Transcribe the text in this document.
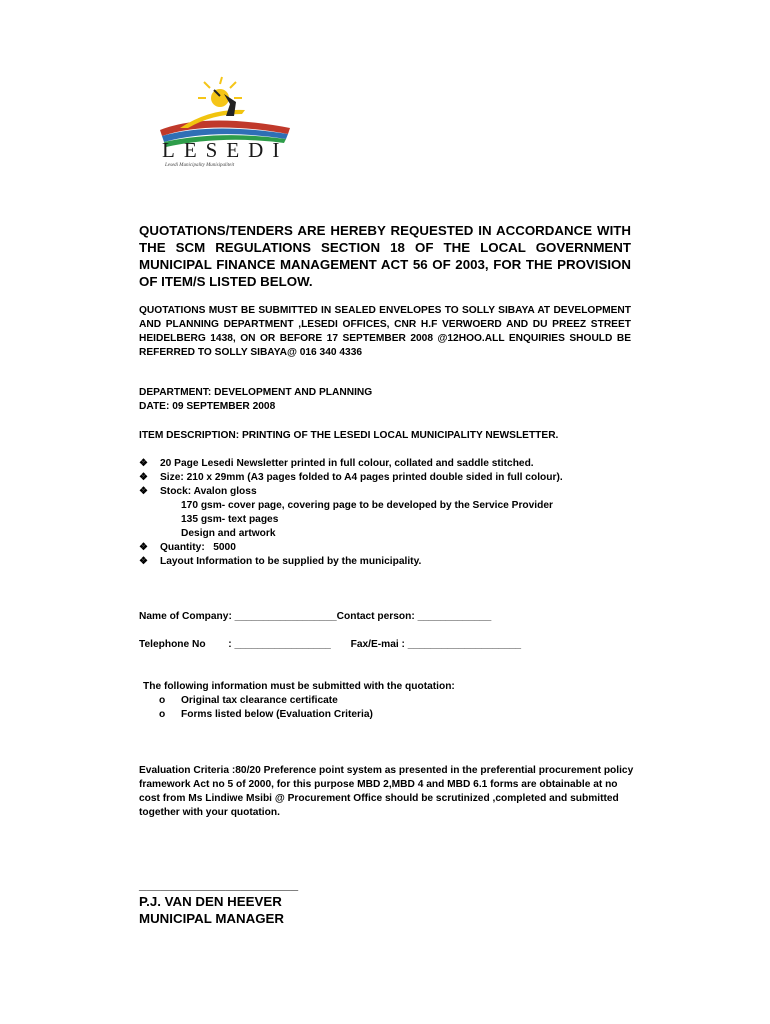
LESEDI
Lesedi Municipality Munisipaliteit
QUOTATIONS/TENDERS ARE HEREBY REQUESTED IN ACCORDANCE WITH THE SCM REGULATIONS SECTION 18 OF THE LOCAL GOVERNMENT MUNICIPAL FINANCE MANAGEMENT ACT 56 OF 2003, FOR THE PROVISION OF ITEM/S LISTED BELOW.
QUOTATIONS MUST BE SUBMITTED IN SEALED ENVELOPES TO SOLLY SIBAYA AT DEVELOPMENT AND PLANNING DEPARTMENT ,LESEDI OFFICES, CNR H.F VERWOERD AND DU PREEZ STREET HEIDELBERG 1438, ON OR BEFORE 17 SEPTEMBER 2008 @12HOO.ALL ENQUIRIES SHOULD BE REFERRED TO SOLLY SIBAYA@ 016 340 4336
DEPARTMENT: DEVELOPMENT AND PLANNING
DATE: 09 SEPTEMBER 2008
ITEM DESCRIPTION: PRINTING OF THE LESEDI LOCAL MUNICIPALITY NEWSLETTER.
❖	20 Page Lesedi Newsletter printed in full colour, collated and saddle stitched.
❖	Size: 210 x 29mm (A3 pages folded to A4 pages printed double sided in full colour).
❖	Stock: Avalon gloss
170 gsm- cover page, covering page to be developed by the Service Provider
135 gsm- text pages
Design and artwork
❖	Quantity:   5000
❖	Layout Information to be supplied by the municipality.
Name of Company: __________________Contact person: _____________
Telephone No        : _________________       Fax/E-mai : ____________________
The following information must be submitted with the quotation:
o	Original tax clearance certificate
o	Forms listed below (Evaluation Criteria)
Evaluation Criteria :80/20 Preference point system as presented in the preferential procurement policy framework Act no 5 of 2000, for this purpose MBD 2,MBD 4 and MBD 6.1 forms are obtainable at no cost from Ms Lindiwe Msibi @ Procurement Office should be scrutinized ,completed and submitted together with your quotation.
______________________
P.J. VAN DEN HEEVER
MUNICIPAL MANAGER
